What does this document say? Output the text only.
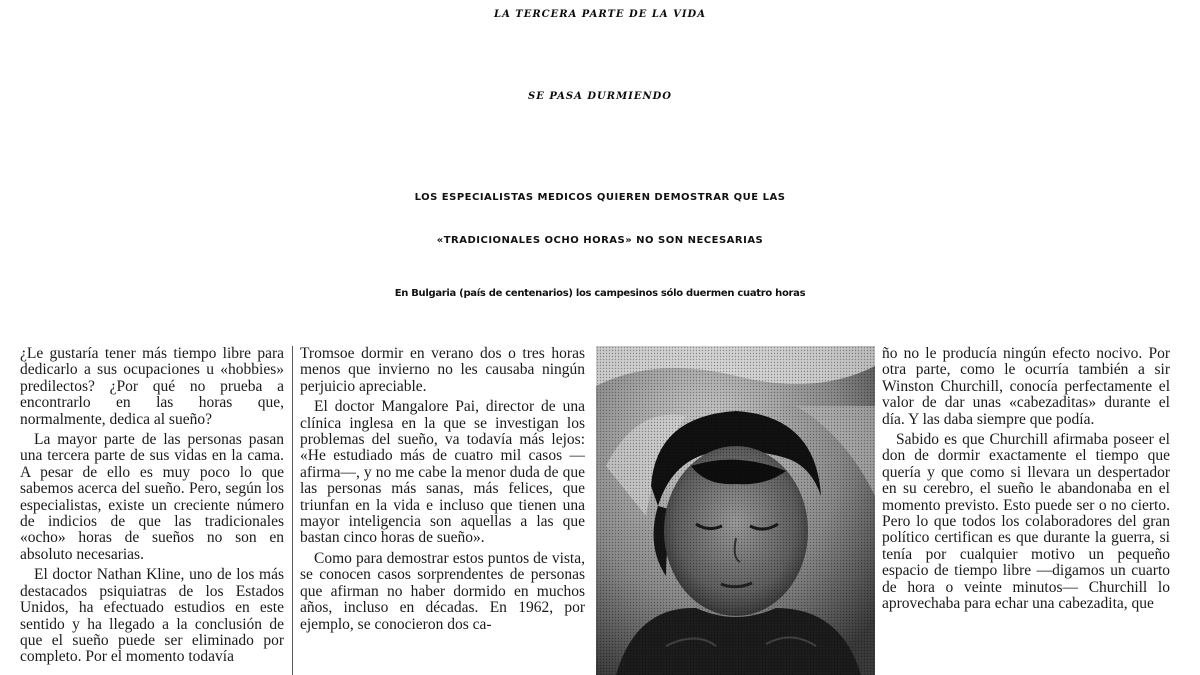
LA TERCERA PARTE DE LA VIDA
SE PASA DURMIENDO
LOS ESPECIALISTAS MEDICOS QUIEREN DEMOSTRAR QUE LAS
«TRADICIONALES OCHO HORAS» NO SON NECESARIAS
En Bulgaria (país de centenarios) los campesinos sólo duermen cuatro horas

¿Le gustaría tener más tiempo libre para dedicarlo a sus ocupaciones u «hobbies» predilectos? ¿Por qué no prueba a encontrarlo en las horas que, normalmente, dedica al sueño?

La mayor parte de las personas pasan una tercera parte de sus vidas en la cama. A pesar de ello es muy poco lo que sabemos acerca del sueño. Pero, según los especialistas, existe un creciente número de indicios de que las tradicionales «ocho» horas de sueños no son en absoluto necesarias.

El doctor Nathan Kline, uno de los más destacados psiquiatras de los Estados Unidos, ha efectuado estudios en este sentido y ha llegado a la conclusión de que el sueño puede ser eliminado por completo. Por el momento todavía

Tromsoe dormir en verano dos o tres horas menos que invierno no les causaba ningún perjuicio apreciable.

El doctor Mangalore Pai, director de una clínica inglesa en la que se investigan los problemas del sueño, va todavía más lejos: «He estudiado más de cuatro mil casos —afirma—, y no me cabe la menor duda de que las personas más sanas, más felices, que triunfan en la vida e incluso que tienen una mayor inteligencia son aquellas a las que bastan cinco horas de sueño».

Como para demostrar estos puntos de vista, se conocen casos sorprendentes de personas que afirman no haber dormido en muchos años, incluso en décadas. En 1962, por ejemplo, se conocieron dos ca-

ño no le producía ningún efecto nocivo. Por otra parte, como le ocurría también a sir Winston Churchill, conocía perfectamente el valor de dar unas «cabezaditas» durante el día. Y las daba siempre que podía.

Sabido es que Churchill afirmaba poseer el don de dormir exactamente el tiempo que quería y que como si llevara un despertador en su cerebro, el sueño le abandonaba en el momento previsto. Esto puede ser o no cierto. Pero lo que todos los colaboradores del gran político certifican es que durante la guerra, si tenía por cualquier motivo un pequeño espacio de tiempo libre —digamos un cuarto de hora o veinte minutos— Churchill lo aprovechaba para echar una cabezadita, que
